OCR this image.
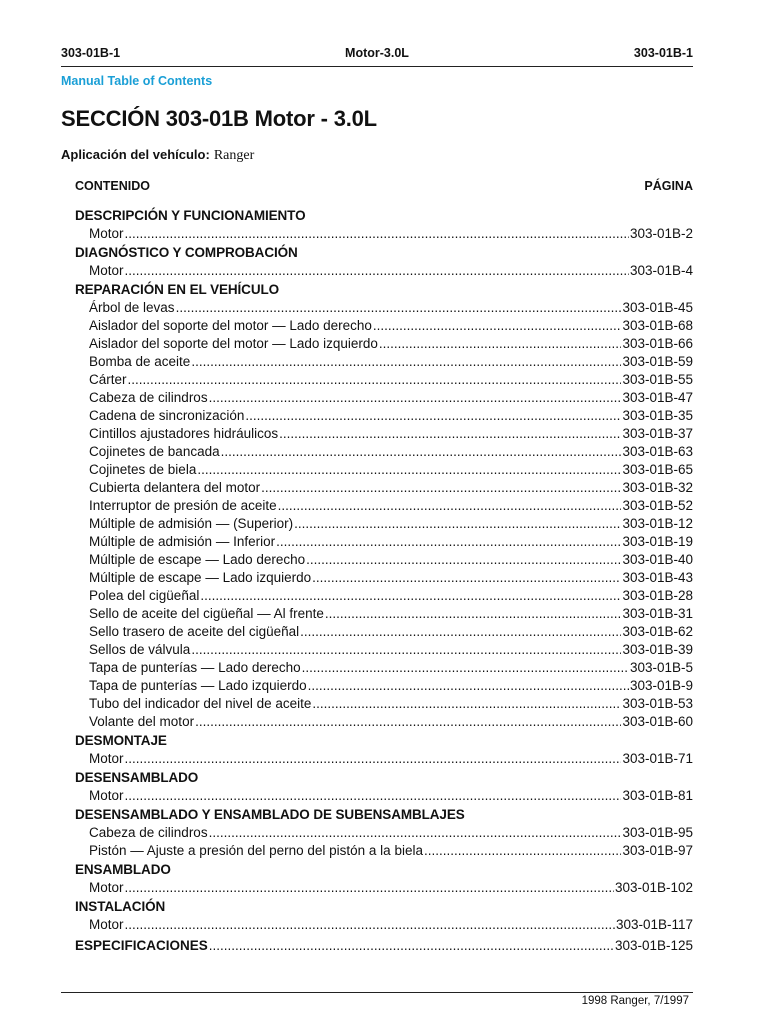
303-01B-1	Motor-3.0L	303-01B-1
Manual Table of Contents
SECCIÓN 303-01B Motor - 3.0L
Aplicación del vehículo: Ranger
CONTENIDO	PÁGINA
DESCRIPCIÓN Y FUNCIONAMIENTO
Motor .....	303-01B-2
DIAGNÓSTICO Y COMPROBACIÓN
Motor .....	303-01B-4
REPARACIÓN EN EL VEHÍCULO
Árbol de levas .....	303-01B-45
Aislador del soporte del motor — Lado derecho .....	303-01B-68
Aislador del soporte del motor — Lado izquierdo .....	303-01B-66
Bomba de aceite .....	303-01B-59
Cárter .....	303-01B-55
Cabeza de cilindros .....	303-01B-47
Cadena de sincronización .....	303-01B-35
Cintillos ajustadores hidráulicos .....	303-01B-37
Cojinetes de bancada .....	303-01B-63
Cojinetes de biela .....	303-01B-65
Cubierta delantera del motor .....	303-01B-32
Interruptor de presión de aceite .....	303-01B-52
Múltiple de admisión — (Superior) .....	303-01B-12
Múltiple de admisión — Inferior .....	303-01B-19
Múltiple de escape — Lado derecho .....	303-01B-40
Múltiple de escape — Lado izquierdo .....	303-01B-43
Polea del cigüeñal .....	303-01B-28
Sello de aceite del cigüeñal — Al frente .....	303-01B-31
Sello trasero de aceite del cigüeñal .....	303-01B-62
Sellos de válvula .....	303-01B-39
Tapa de punterías — Lado derecho .....	303-01B-5
Tapa de punterías — Lado izquierdo .....	303-01B-9
Tubo del indicador del nivel de aceite .....	303-01B-53
Volante del motor .....	303-01B-60
DESMONTAJE
Motor .....	303-01B-71
DESENSAMBLADO
Motor .....	303-01B-81
DESENSAMBLADO Y ENSAMBLADO DE SUBENSAMBLAJES
Cabeza de cilindros .....	303-01B-95
Pistón — Ajuste a presión del perno del pistón a la biela .....	303-01B-97
ENSAMBLADO
Motor .....	303-01B-102
INSTALACIÓN
Motor .....	303-01B-117
ESPECIFICACIONES .....	303-01B-125
1998 Ranger, 7/1997
